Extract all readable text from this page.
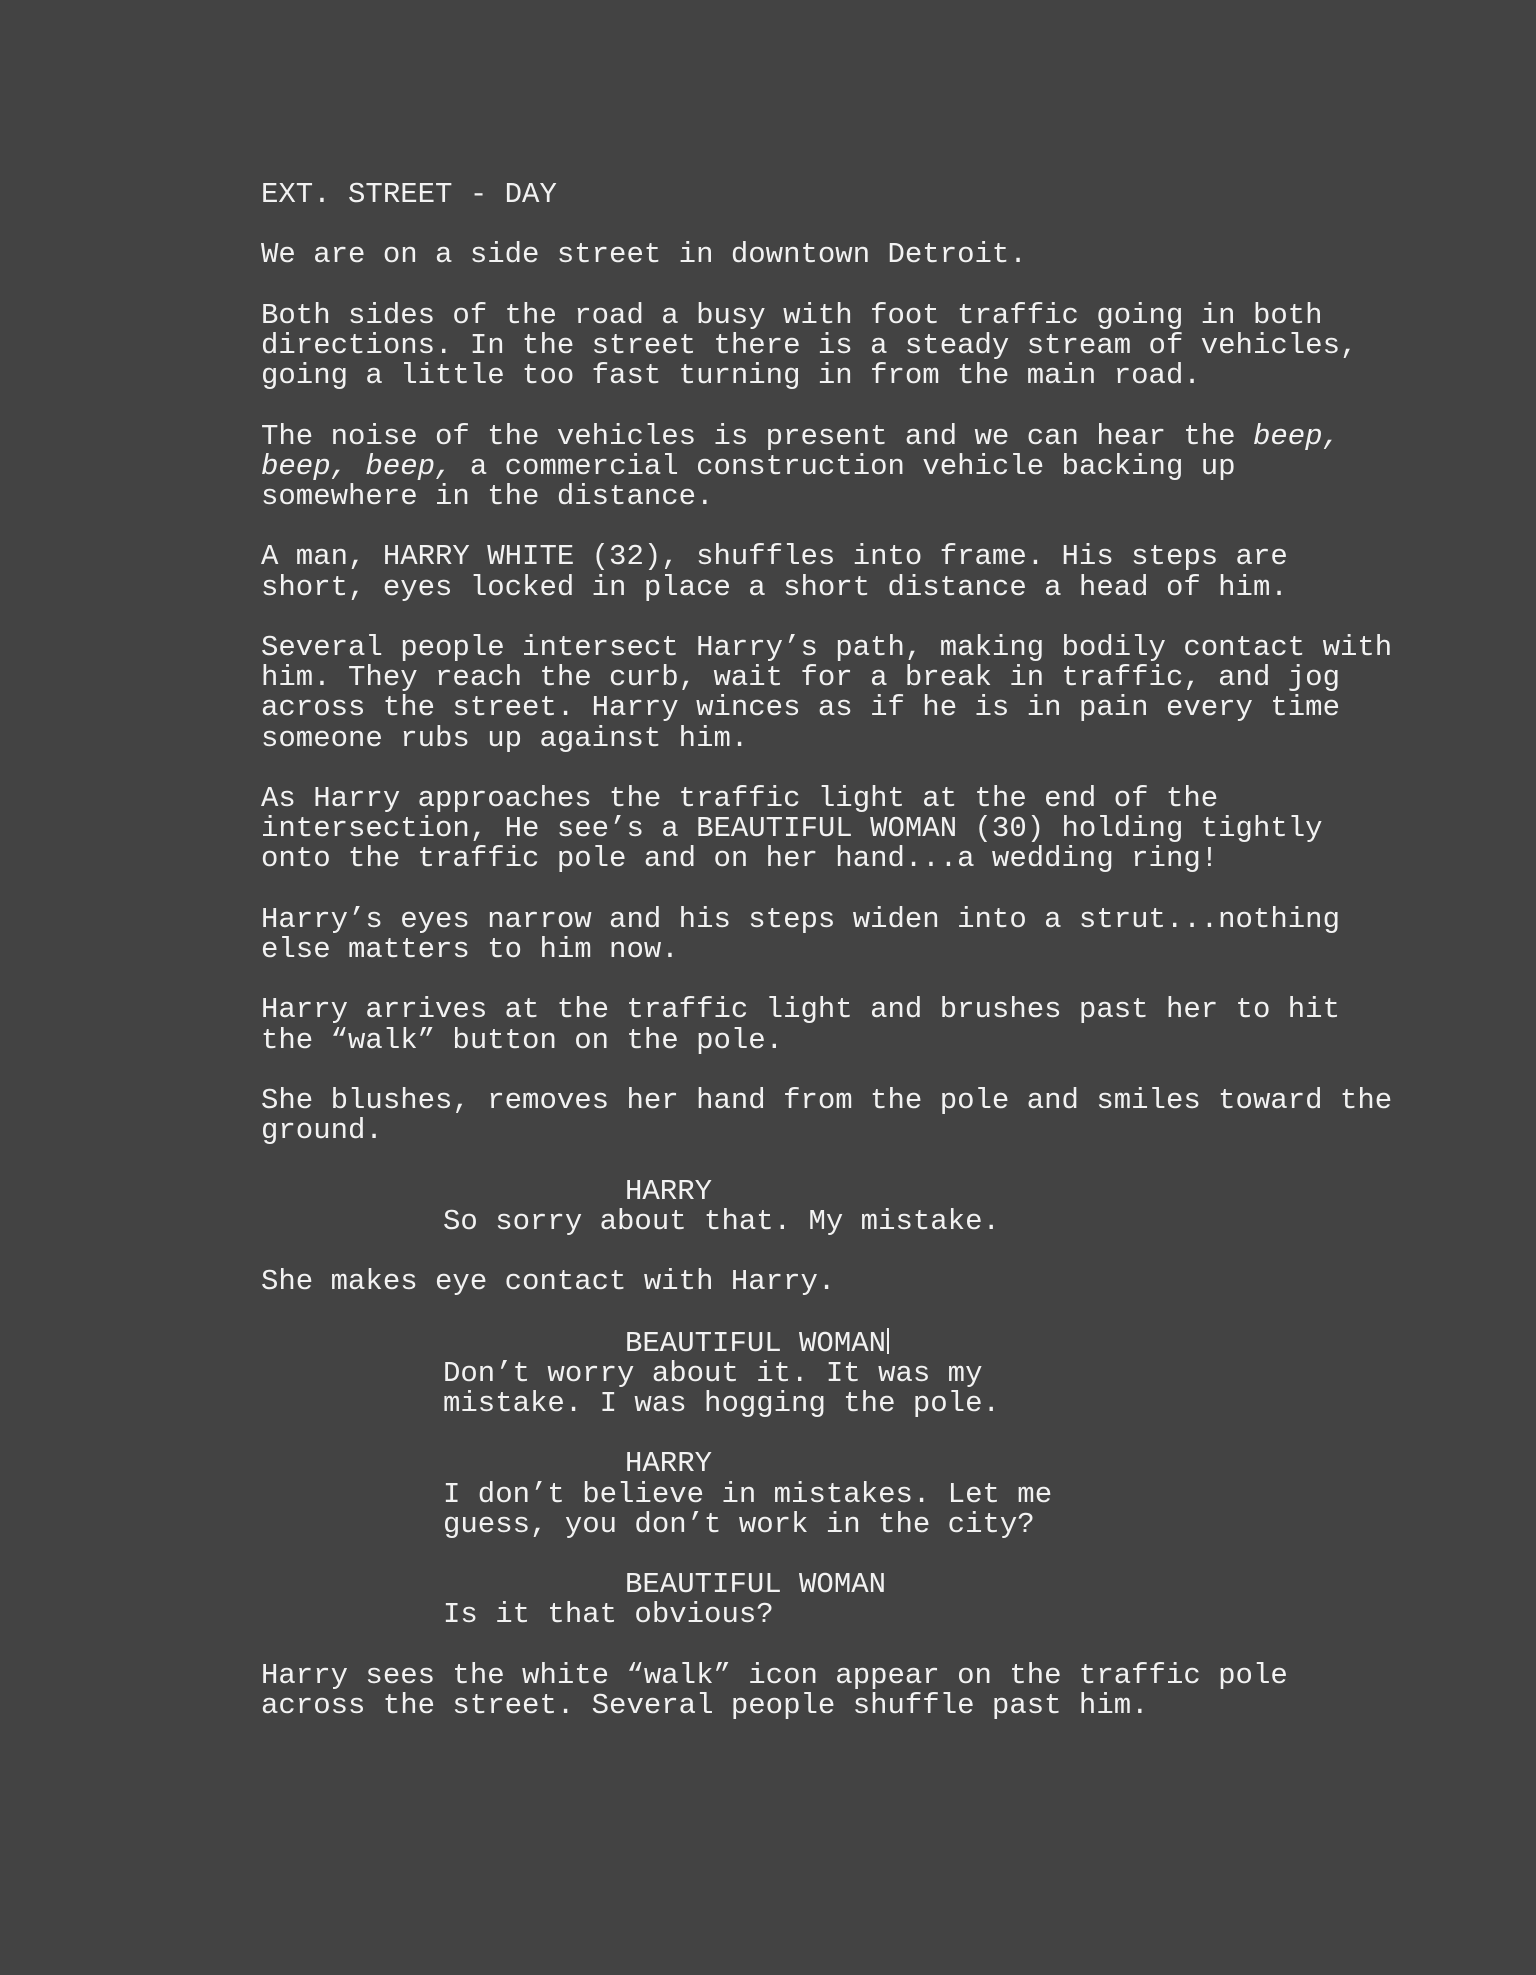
EXT. STREET - DAY
We are on a side street in downtown Detroit.
Both sides of the road a busy with foot traffic going in both directions. In the street there is a steady stream of vehicles, going a little too fast turning in from the main road.
The noise of the vehicles is present and we can hear the beep, beep, beep, a commercial construction vehicle backing up somewhere in the distance.
A man, HARRY WHITE (32), shuffles into frame. His steps are short, eyes locked in place a short distance a head of him.
Several people intersect Harry’s path, making bodily contact with him. They reach the curb, wait for a break in traffic, and jog across the street. Harry winces as if he is in pain every time someone rubs up against him.
As Harry approaches the traffic light at the end of the intersection, He see’s a BEAUTIFUL WOMAN (30) holding tightly onto the traffic pole and on her hand...a wedding ring!
Harry’s eyes narrow and his steps widen into a strut...nothing else matters to him now.
Harry arrives at the traffic light and brushes past her to hit the “walk” button on the pole.
She blushes, removes her hand from the pole and smiles toward the ground.
HARRY
So sorry about that. My mistake.
She makes eye contact with Harry.
BEAUTIFUL WOMAN
Don’t worry about it. It was my mistake. I was hogging the pole.
HARRY
I don’t believe in mistakes. Let me guess, you don’t work in the city?
BEAUTIFUL WOMAN
Is it that obvious?
Harry sees the white “walk” icon appear on the traffic pole across the street. Several people shuffle past him.
